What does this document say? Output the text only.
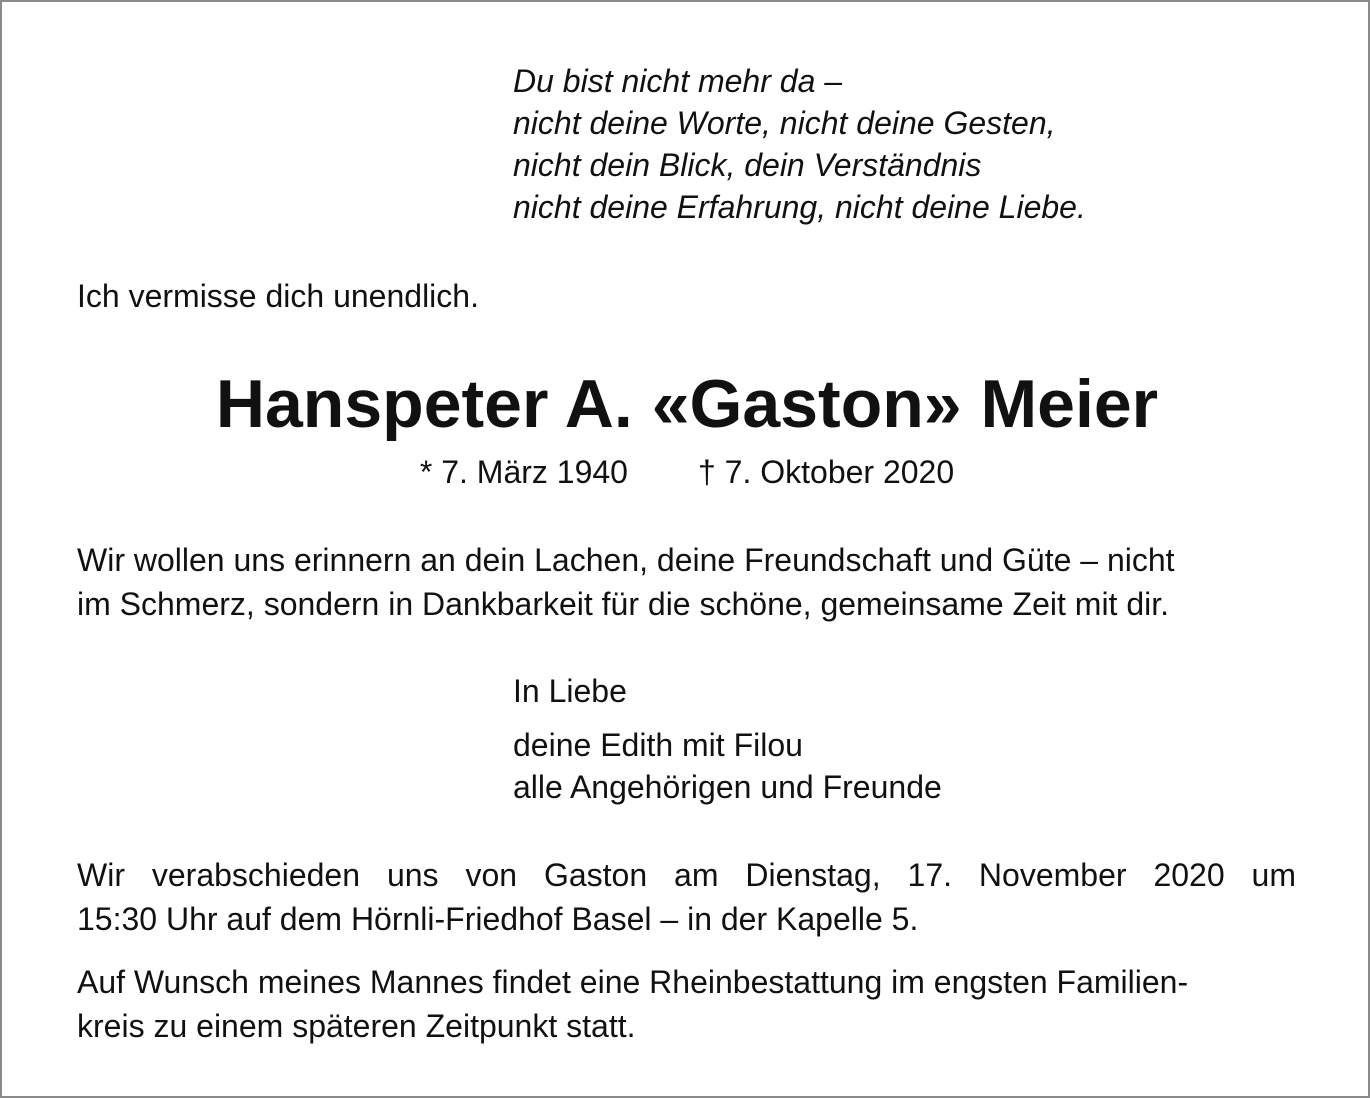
Du bist nicht mehr da –
nicht deine Worte, nicht deine Gesten,
nicht dein Blick, dein Verständnis
nicht deine Erfahrung, nicht deine Liebe.
Ich vermisse dich unendlich.
Hanspeter A. «Gaston» Meier
* 7. März 1940 † 7. Oktober 2020
Wir wollen uns erinnern an dein Lachen, deine Freundschaft und Güte – nicht
im Schmerz, sondern in Dankbarkeit für die schöne, gemeinsame Zeit mit dir.
In Liebe
deine Edith mit Filou
alle Angehörigen und Freunde
Wir verabschieden uns von Gaston am Dienstag, 17. November 2020 um
15:30 Uhr auf dem Hörnli-Friedhof Basel – in der Kapelle 5.
Auf Wunsch meines Mannes findet eine Rheinbestattung im engsten Familien-
kreis zu einem späteren Zeitpunkt statt.
